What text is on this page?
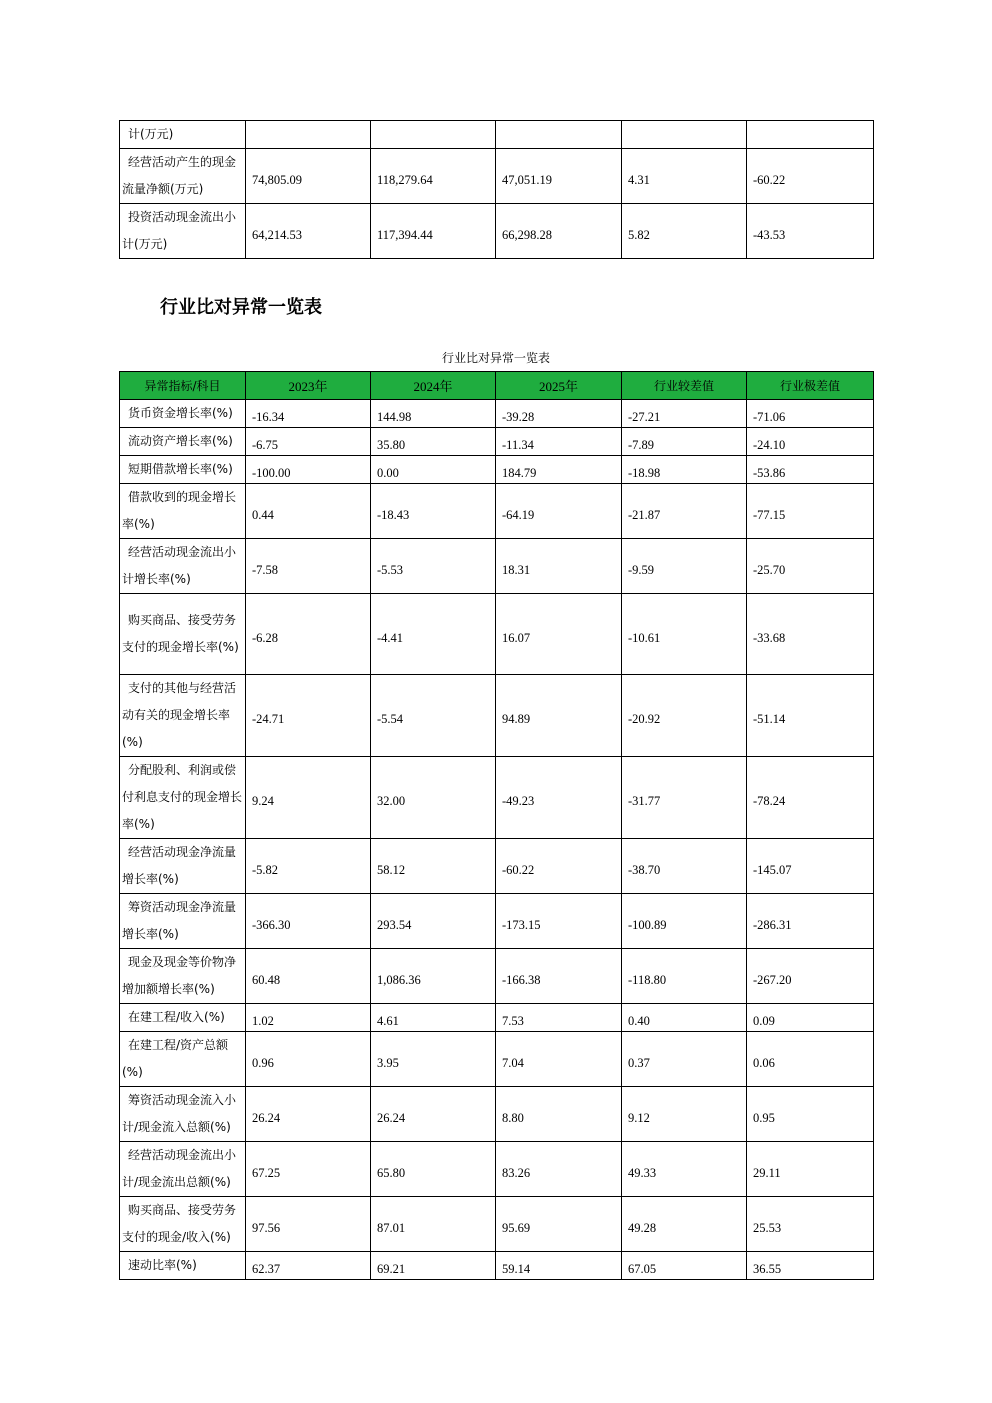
计(万元)					
经营活动产生的现金流量净额(万元)	74,805.09	118,279.64	47,051.19	4.31	-60.22
投资活动现金流出小计(万元)	64,214.53	117,394.44	66,298.28	5.82	-43.53
行业比对异常一览表
行业比对异常一览表
异常指标/科目	2023年	2024年	2025年	行业较差值	行业极差值
货币资金增长率(%)	-16.34	144.98	-39.28	-27.21	-71.06
流动资产增长率(%)	-6.75	35.80	-11.34	-7.89	-24.10
短期借款增长率(%)	-100.00	0.00	184.79	-18.98	-53.86
借款收到的现金增长率(%)	0.44	-18.43	-64.19	-21.87	-77.15
经营活动现金流出小计增长率(%)	-7.58	-5.53	18.31	-9.59	-25.70
购买商品、接受劳务支付的现金增长率(%)	-6.28	-4.41	16.07	-10.61	-33.68
支付的其他与经营活动有关的现金增长率(%)	-24.71	-5.54	94.89	-20.92	-51.14
分配股利、利润或偿付利息支付的现金增长率(%)	9.24	32.00	-49.23	-31.77	-78.24
经营活动现金净流量增长率(%)	-5.82	58.12	-60.22	-38.70	-145.07
筹资活动现金净流量增长率(%)	-366.30	293.54	-173.15	-100.89	-286.31
现金及现金等价物净增加额增长率(%)	60.48	1,086.36	-166.38	-118.80	-267.20
在建工程/收入(%)	1.02	4.61	7.53	0.40	0.09
在建工程/资产总额(%)	0.96	3.95	7.04	0.37	0.06
筹资活动现金流入小计/现金流入总额(%)	26.24	26.24	8.80	9.12	0.95
经营活动现金流出小计/现金流出总额(%)	67.25	65.80	83.26	49.33	29.11
购买商品、接受劳务支付的现金/收入(%)	97.56	87.01	95.69	49.28	25.53
速动比率(%)	62.37	69.21	59.14	67.05	36.55
